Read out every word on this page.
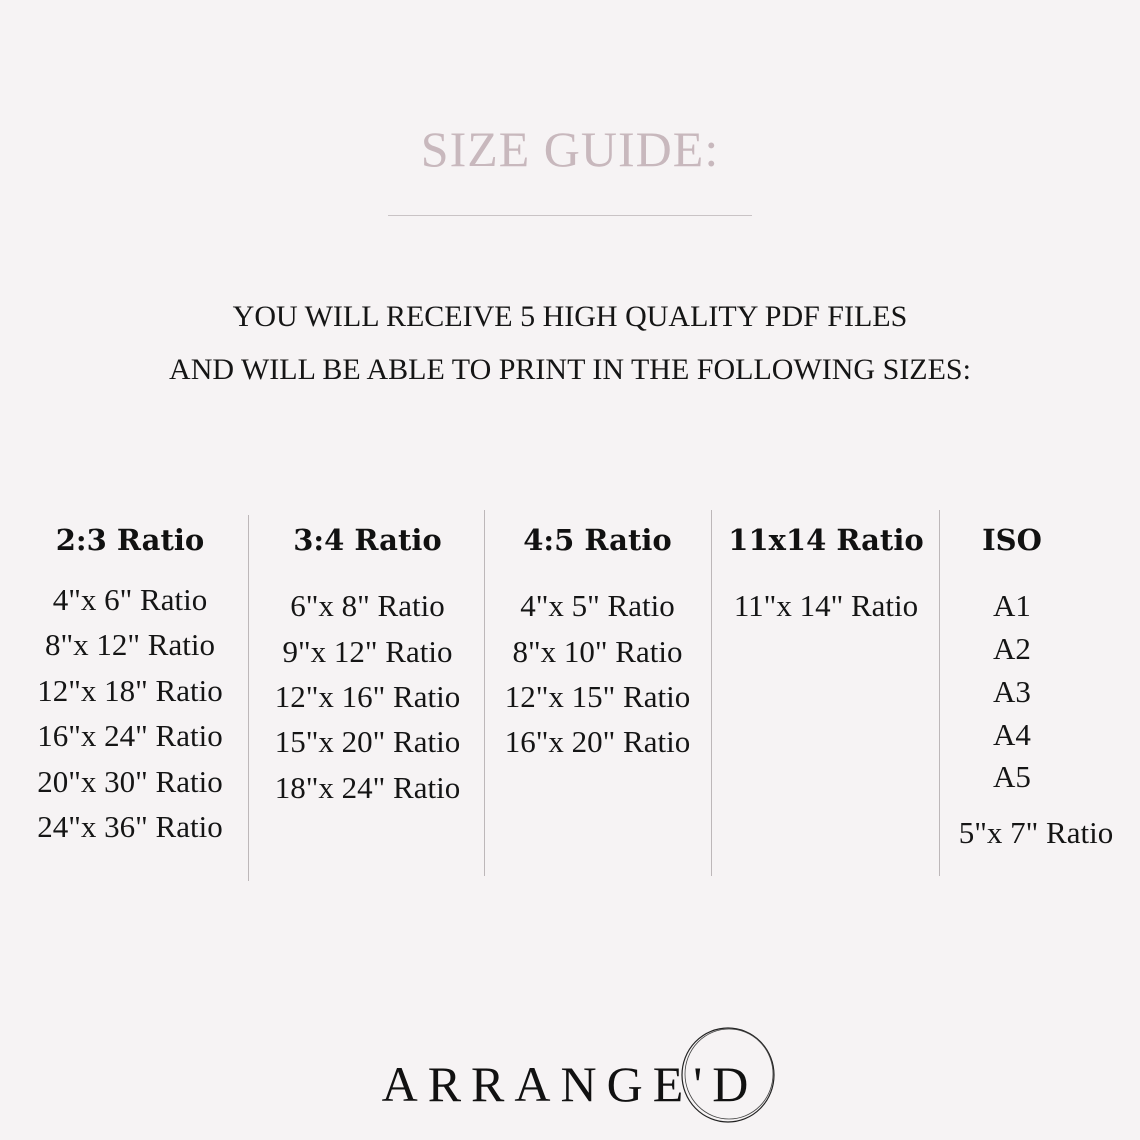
SIZE GUIDE:
YOU WILL RECEIVE 5 HIGH QUALITY PDF FILES
AND WILL BE ABLE TO PRINT IN THE FOLLOWING SIZES:
2:3 Ratio
4"x 6" Ratio
8"x 12" Ratio
12"x 18" Ratio
16"x 24" Ratio
20"x 30" Ratio
24"x 36" Ratio
3:4 Ratio
6"x 8" Ratio
9"x 12" Ratio
12"x 16" Ratio
15"x 20" Ratio
18"x 24" Ratio
4:5 Ratio
4"x 5" Ratio
8"x 10" Ratio
12"x 15" Ratio
16"x 20" Ratio
11x14 Ratio
11"x 14" Ratio
ISO
A1
A2
A3
A4
A5
5"x 7" Ratio
ARRANGE'D
